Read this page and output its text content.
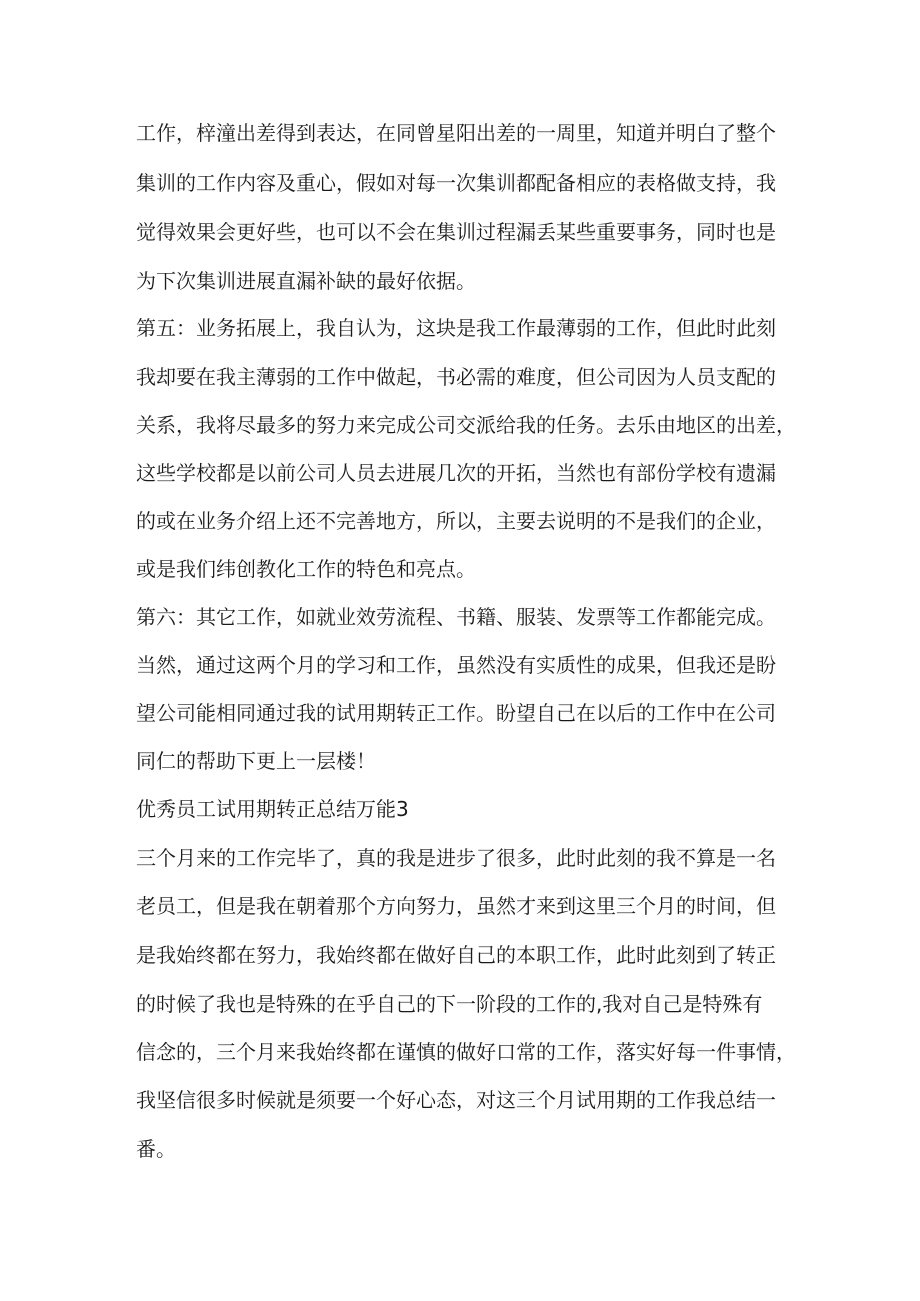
工作，梓潼出差得到表达，在同曾星阳出差的一周里，知道并明白了整个
集训的工作内容及重心，假如对每一次集训都配备相应的表格做支持，我
觉得效果会更好些，也可以不会在集训过程漏丢某些重要事务，同时也是
为下次集训进展直漏补缺的最好依据。
第五：业务拓展上，我自认为，这块是我工作最薄弱的工作，但此时此刻
我却要在我主薄弱的工作中做起，书必需的难度，但公司因为人员支配的
关系，我将尽最多的努力来完成公司交派给我的任务。去乐由地区的出差，
这些学校都是以前公司人员去进展几次的开拓，当然也有部份学校有遗漏
的或在业务介绍上还不完善地方，所以，主要去说明的不是我们的企业，
或是我们纬创教化工作的特色和亮点。
第六：其它工作，如就业效劳流程、书籍、服装、发票等工作都能完成。
当然，通过这两个月的学习和工作，虽然没有实质性的成果，但我还是盼
望公司能相同通过我的试用期转正工作。盼望自己在以后的工作中在公司
同仁的帮助下更上一层楼！
优秀员工试用期转正总结万能3
三个月来的工作完毕了，真的我是进步了很多，此时此刻的我不算是一名
老员工，但是我在朝着那个方向努力，虽然才来到这里三个月的时间，但
是我始终都在努力，我始终都在做好自己的本职工作，此时此刻到了转正
的时候了我也是特殊的在乎自己的下一阶段的工作的,我对自己是特殊有
信念的，三个月来我始终都在谨慎的做好口常的工作，落实好每一件事情，
我坚信很多时候就是须要一个好心态，对这三个月试用期的工作我总结一
番。
